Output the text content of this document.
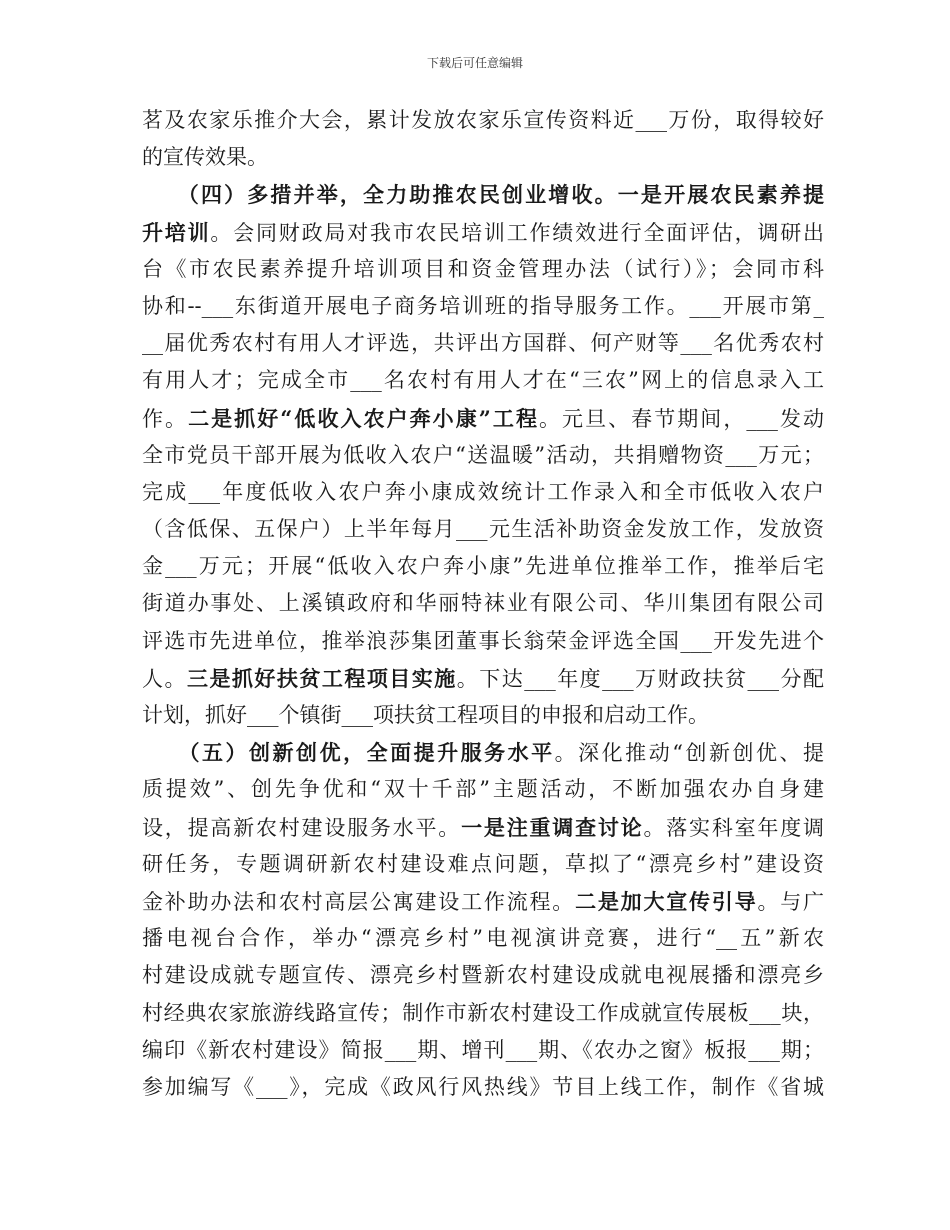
下载后可任意编辑
茗及农家乐推介大会，累计发放农家乐宣传资料近___万份，取得较好
的宣传效果。
　　（四）多措并举，全力助推农民创业增收。一是开展农民素养提
升培训。会同财政局对我市农民培训工作绩效进行全面评估，调研出
台《市农民素养提升培训项目和资金管理办法（试行）》；会同市科
协和--___东街道开展电子商务培训班的指导服务工作。___开展市第_
__届优秀农村有用人才评选，共评出方国群、何产财等___名优秀农村
有用人才；完成全市___名农村有用人才在“三农”网上的信息录入工
作。二是抓好“低收入农户奔小康”工程。元旦、春节期间，___发动
全市党员干部开展为低收入农户“送温暖”活动，共捐赠物资___万元；
完成___年度低收入农户奔小康成效统计工作录入和全市低收入农户
（含低保、五保户）上半年每月___元生活补助资金发放工作，发放资
金___万元；开展“低收入农户奔小康”先进单位推举工作，推举后宅
街道办事处、上溪镇政府和华丽特袜业有限公司、华川集团有限公司
评选市先进单位，推举浪莎集团董事长翁荣金评选全国___开发先进个
人。三是抓好扶贫工程项目实施。下达___年度___万财政扶贫___分配
计划，抓好___个镇街___项扶贫工程项目的申报和启动工作。
　　（五）创新创优，全面提升服务水平。深化推动“创新创优、提
质提效”、创先争优和“双十千部”主题活动，不断加强农办自身建
设，提高新农村建设服务水平。一是注重调查讨论。落实科室年度调
研任务，专题调研新农村建设难点问题，草拟了“漂亮乡村”建设资
金补助办法和农村高层公寓建设工作流程。二是加大宣传引导。与广
播电视台合作，举办“漂亮乡村”电视演讲竞赛，进行“__五”新农
村建设成就专题宣传、漂亮乡村暨新农村建设成就电视展播和漂亮乡
村经典农家旅游线路宣传；制作市新农村建设工作成就宣传展板___块，
编印《新农村建设》简报___期、增刊___期、《农办之窗》板报___期；
参加编写《___》，完成《政风行风热线》节目上线工作，制作《省城
